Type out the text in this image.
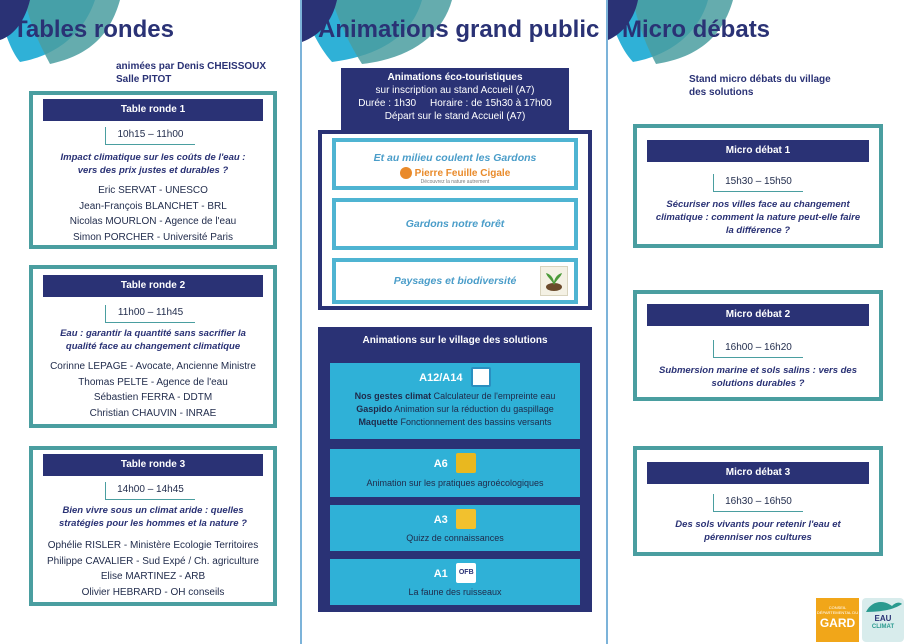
Tables rondes
animées par Denis CHEISSOUX
Salle PITOT
Table ronde 1
10h15 – 11h00
Impact climatique sur les coûts de l'eau : vers des prix justes et durables ?
Eric SERVAT - UNESCO
Jean-François BLANCHET - BRL
Nicolas MOURLON - Agence de l'eau
Simon PORCHER - Université Paris
Table ronde 2
11h00 – 11h45
Eau : garantir la quantité sans sacrifier la qualité face au changement climatique
Corinne LEPAGE - Avocate, Ancienne Ministre
Thomas PELTE - Agence de l'eau
Sébastien FERRA - DDTM
Christian CHAUVIN - INRAE
Table ronde 3
14h00 – 14h45
Bien vivre sous un climat aride : quelles stratégies pour les hommes et la nature ?
Ophélie RISLER - Ministère Ecologie Territoires
Philippe CAVALIER - Sud Expé / Ch. agriculture
Elise MARTINEZ - ARB
Olivier HEBRARD - OH conseils
Animations grand public
Animations éco-touristiques
sur inscription au stand Accueil (A7)
Durée : 1h30 Horaire : de 15h30 à 17h00
Départ sur le stand Accueil (A7)
Et au milieu coulent les Gardons
Pierre Feuille Cigale
Découvrez la nature autrement
Gardons notre forêt
Paysages et biodiversité
Animations sur le village des solutions
A12/A14
Nos gestes climat Calculateur de l'empreinte eau
Gaspido Animation sur la réduction du gaspillage
Maquette Fonctionnement des bassins versants
A6
Animation sur les pratiques agroécologiques
A3
Quizz de connaissances
A1 OFB
La faune des ruisseaux
Micro débats
Stand micro débats du village
des solutions
Micro débat 1
15h30 – 15h50
Sécuriser nos villes face au changement climatique : comment la nature peut-elle faire la différence ?
Micro débat 2
16h00 – 16h20
Submersion marine et sols salins : vers des solutions durables ?
Micro débat 3
16h30 – 16h50
Des sols vivants pour retenir l'eau et pérenniser nos cultures
CONSEIL DÉPARTEMENTAL DU
GARD	EAU
CLIMAT
